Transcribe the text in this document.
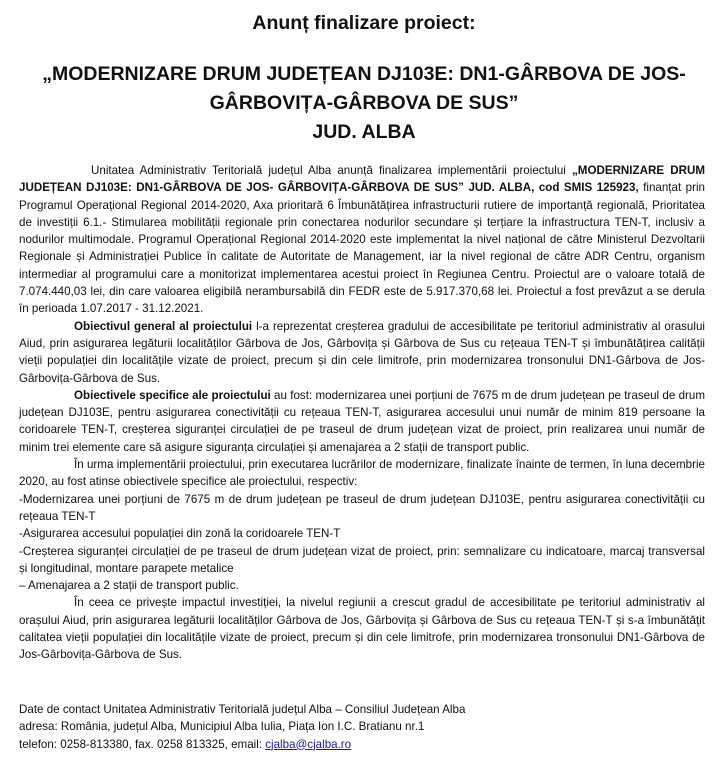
Anunț finalizare proiect:
„MODERNIZARE DRUM JUDEȚEAN DJ103E: DN1-GÂRBOVA DE JOS- GÂRBOVIȚA-GÂRBOVA DE SUS”
JUD. ALBA

Unitatea Administrativ Teritorială județul Alba anunță finalizarea implementării proiectului „MODERNIZARE DRUM JUDEȚEAN DJ103E: DN1-GÂRBOVA DE JOS- GÂRBOVIȚA-GÂRBOVA DE SUS” JUD. ALBA, cod SMIS 125923, finanțat prin Programul Operațional Regional 2014-2020, Axa prioritară 6 Îmbunătățirea infrastructurii rutiere de importanță regională, Prioritatea de investiții 6.1.- Stimularea mobilității regionale prin conectarea nodurilor secundare și terțiare la infrastructura TEN-T, inclusiv a nodurilor multimodale. Programul Operațional Regional 2014-2020 este implementat la nivel național de către Ministerul Dezvoltarii Regionale și Administrației Publice în calitate de Autoritate de Management, iar la nivel regional de către ADR Centru, organism intermediar al programului care a monitorizat implementarea acestui proiect în Regiunea Centru. Proiectul are o valoare totală de 7.074.440,03 lei, din care valoarea eligibilă nerambursabilă din FEDR este de 5.917.370,68 lei. Proiectul a fost prevăzut a se derula în perioada 1.07.2017 - 31.12.2021.

Obiectivul general al proiectului l-a reprezentat creșterea gradului de accesibilitate pe teritoriul administrativ al orasului Aiud, prin asigurarea legăturii localităților Gârbova de Jos, Gârbovița și Gârbova de Sus cu rețeaua TEN-T și îmbunătățirea calității vieții populației din localitățile vizate de proiect, precum și din cele limitrofe, prin modernizarea tronsonului DN1-Gârbova de Jos-Gârbovița-Gârbova de Sus.

Obiectivele specifice ale proiectului au fost: modernizarea unei porțiuni de 7675 m de drum județean pe traseul de drum județean DJ103E, pentru asigurarea conectivității cu rețeaua TEN-T, asigurarea accesului unui număr de minim 819 persoane la coridoarele TEN-T, creșterea siguranței circulației de pe traseul de drum județean vizat de proiect, prin realizarea unui număr de minim trei elemente care să asigure siguranța circulației și amenajarea a 2 stații de transport public.

În urma implementării proiectului, prin executarea lucrărilor de modernizare, finalizate înainte de termen, în luna decembrie 2020, au fost atinse obiectivele specifice ale proiectului, respectiv:

-Modernizarea unei porțiuni de 7675 m de drum județean pe traseul de drum județean DJ103E, pentru asigurarea conectivității cu rețeaua TEN-T

-Asigurarea accesului populației din zonă la coridoarele TEN-T

-Creșterea siguranței circulației de pe traseul de drum județean vizat de proiect, prin: semnalizare cu indicatoare, marcaj transversal și longitudinal, montare parapete metalice

– Amenajarea a 2 stații de transport public.

În ceea ce privește impactul investiției, la nivelul regiunii a crescut gradul de accesibilitate pe teritoriul administrativ al orașului Aiud, prin asigurarea legăturii localităților Gârbova de Jos, Gârbovița și Gârbova de Sus cu rețeaua TEN-T și s-a îmbunătățit calitatea vieții populației din localitățile vizate de proiect, precum și din cele limitrofe, prin modernizarea tronsonului DN1-Gârbova de Jos-Gârbovița-Gârbova de Sus.

Date de contact Unitatea Administrativ Teritorială județul Alba – Consiliul Județean Alba

adresa: România, județul Alba, Municipiul Alba Iulia, Piața Ion I.C. Bratianu nr.1

telefon: 0258-813380, fax. 0258 813325, email: cjalba@cjalba.ro
